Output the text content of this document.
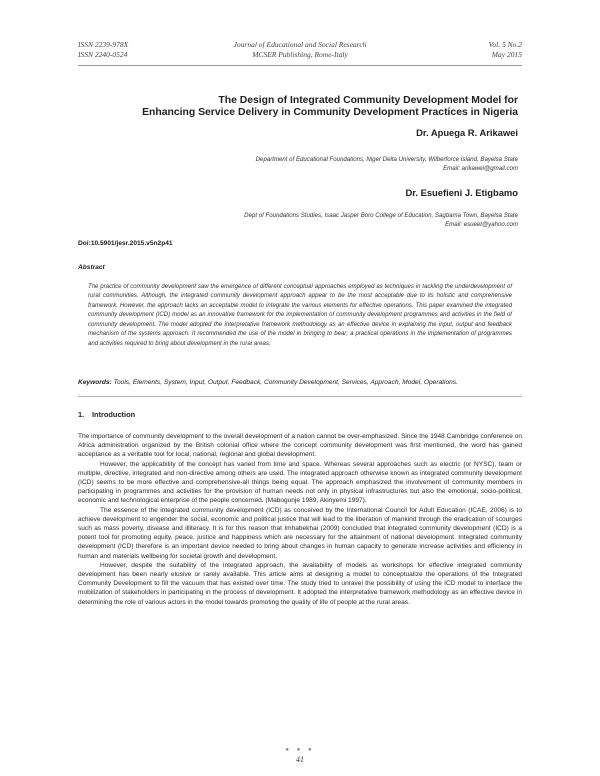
ISSN 2239-978X
ISSN 2240-0524
Journal of Educational and Social Research
MCSER Publishing, Rome-Italy
Vol. 5 No.2
May 2015
The Design of Integrated Community Development Model for
Enhancing Service Delivery in Community Development Practices in Nigeria
Dr. Apuega R. Arikawei
Department of Educational Foundations, Niger Delta University, Wilberforce Island, Bayelsa State
Email: arikawei@gmail.com
Dr. Esuefieni J. Etigbamo
Dept of Foundations Studies, Isaac Jasper Boro College of Education, Sagbama Town, Bayelsa State
Email: esueet@yahoo.com
Doi:10.5901/jesr.2015.v5n2p41
Abstract

The practice of community development saw the emergence of different conceptual approaches employed as techniques in tackling the underdevelopment of rural communities. Although, the integrated community development approach appear to be the most acceptable due to its holistic and comprehensive framework. However, the approach lacks an acceptable model to integrate the various elements for effective operations. This paper examined the integrated community development (ICD) model as an innovative framework for the implementation of community development programmes and activities in the field of community development. The model adopted the interpretative framework methodology as an effective device in explaining the input, output and feedback mechanism of the systems approach. It recommended the use of the model in bringing to bear; a practical operations in the implementation of programmes and activities required to bring about development in the rural areas.

Keywords: Tools, Elements, System, Input, Output, Feedback, Community Development, Services, Approach, Model, Operations.

1. Introduction

The importance of community development to the overall development of a nation cannot be over-emphasized. Since the 1948 Cambridge conference on Africa administration organized by the British colonial office where the concept community development was first mentioned, the word has gained acceptance as a veritable tool for local, national, regional and global development.

However, the applicability of the concept has varied from time and space. Whereas several approaches such as electric (or NYSC), team or multiple, directive, integrated and non-directive among others are used. The integrated approach otherwise known as integrated community development (ICD) seems to be more effective and comprehensive-all things being equal. The approach emphasized the involvement of community members in participating in programmes and activities for the provision of human needs not only in physical infrastructures but also the emotional, socio-political, economic and technological enterprise of the people concerned. (Mabogunje 1989, Akinyemi 1997).

The essence of the integrated community development (ICD) as conceived by the International Council for Adult Education (ICAE, 2006) is to achieve development to engender the social, economic and political justice that will lead to the liberation of mankind through the eradication of scourges such as mass poverty, disease and illiteracy. It is for this reason that Imhabekhai (2009) concluded that integrated community development (ICD) is a potent tool for promoting equity, peace, justice and happiness which are necessary for the attainment of national development. Integrated community development (ICD) therefore is an important device needed to bring about changes in human capacity to generate increase activities and efficiency in human and materials wellbeing for societal growth and development.

However, despite the suitability of the integrated approach, the availability of models as workshops for effective integrated community development has been nearly elusive or rarely available. This article aims at designing a model to conceptualize the operations of the Integrated Community Development to fill the vacuum that has existed over time. The study tried to unravel the possibility of using the ICD model to interface the mobilization of stakeholders in participating in the process of development. It adopted the interpretative framework methodology as an effective device in determining the role of various actors in the model towards promoting the quality of life of people at the rural areas.

● ● ●
41
